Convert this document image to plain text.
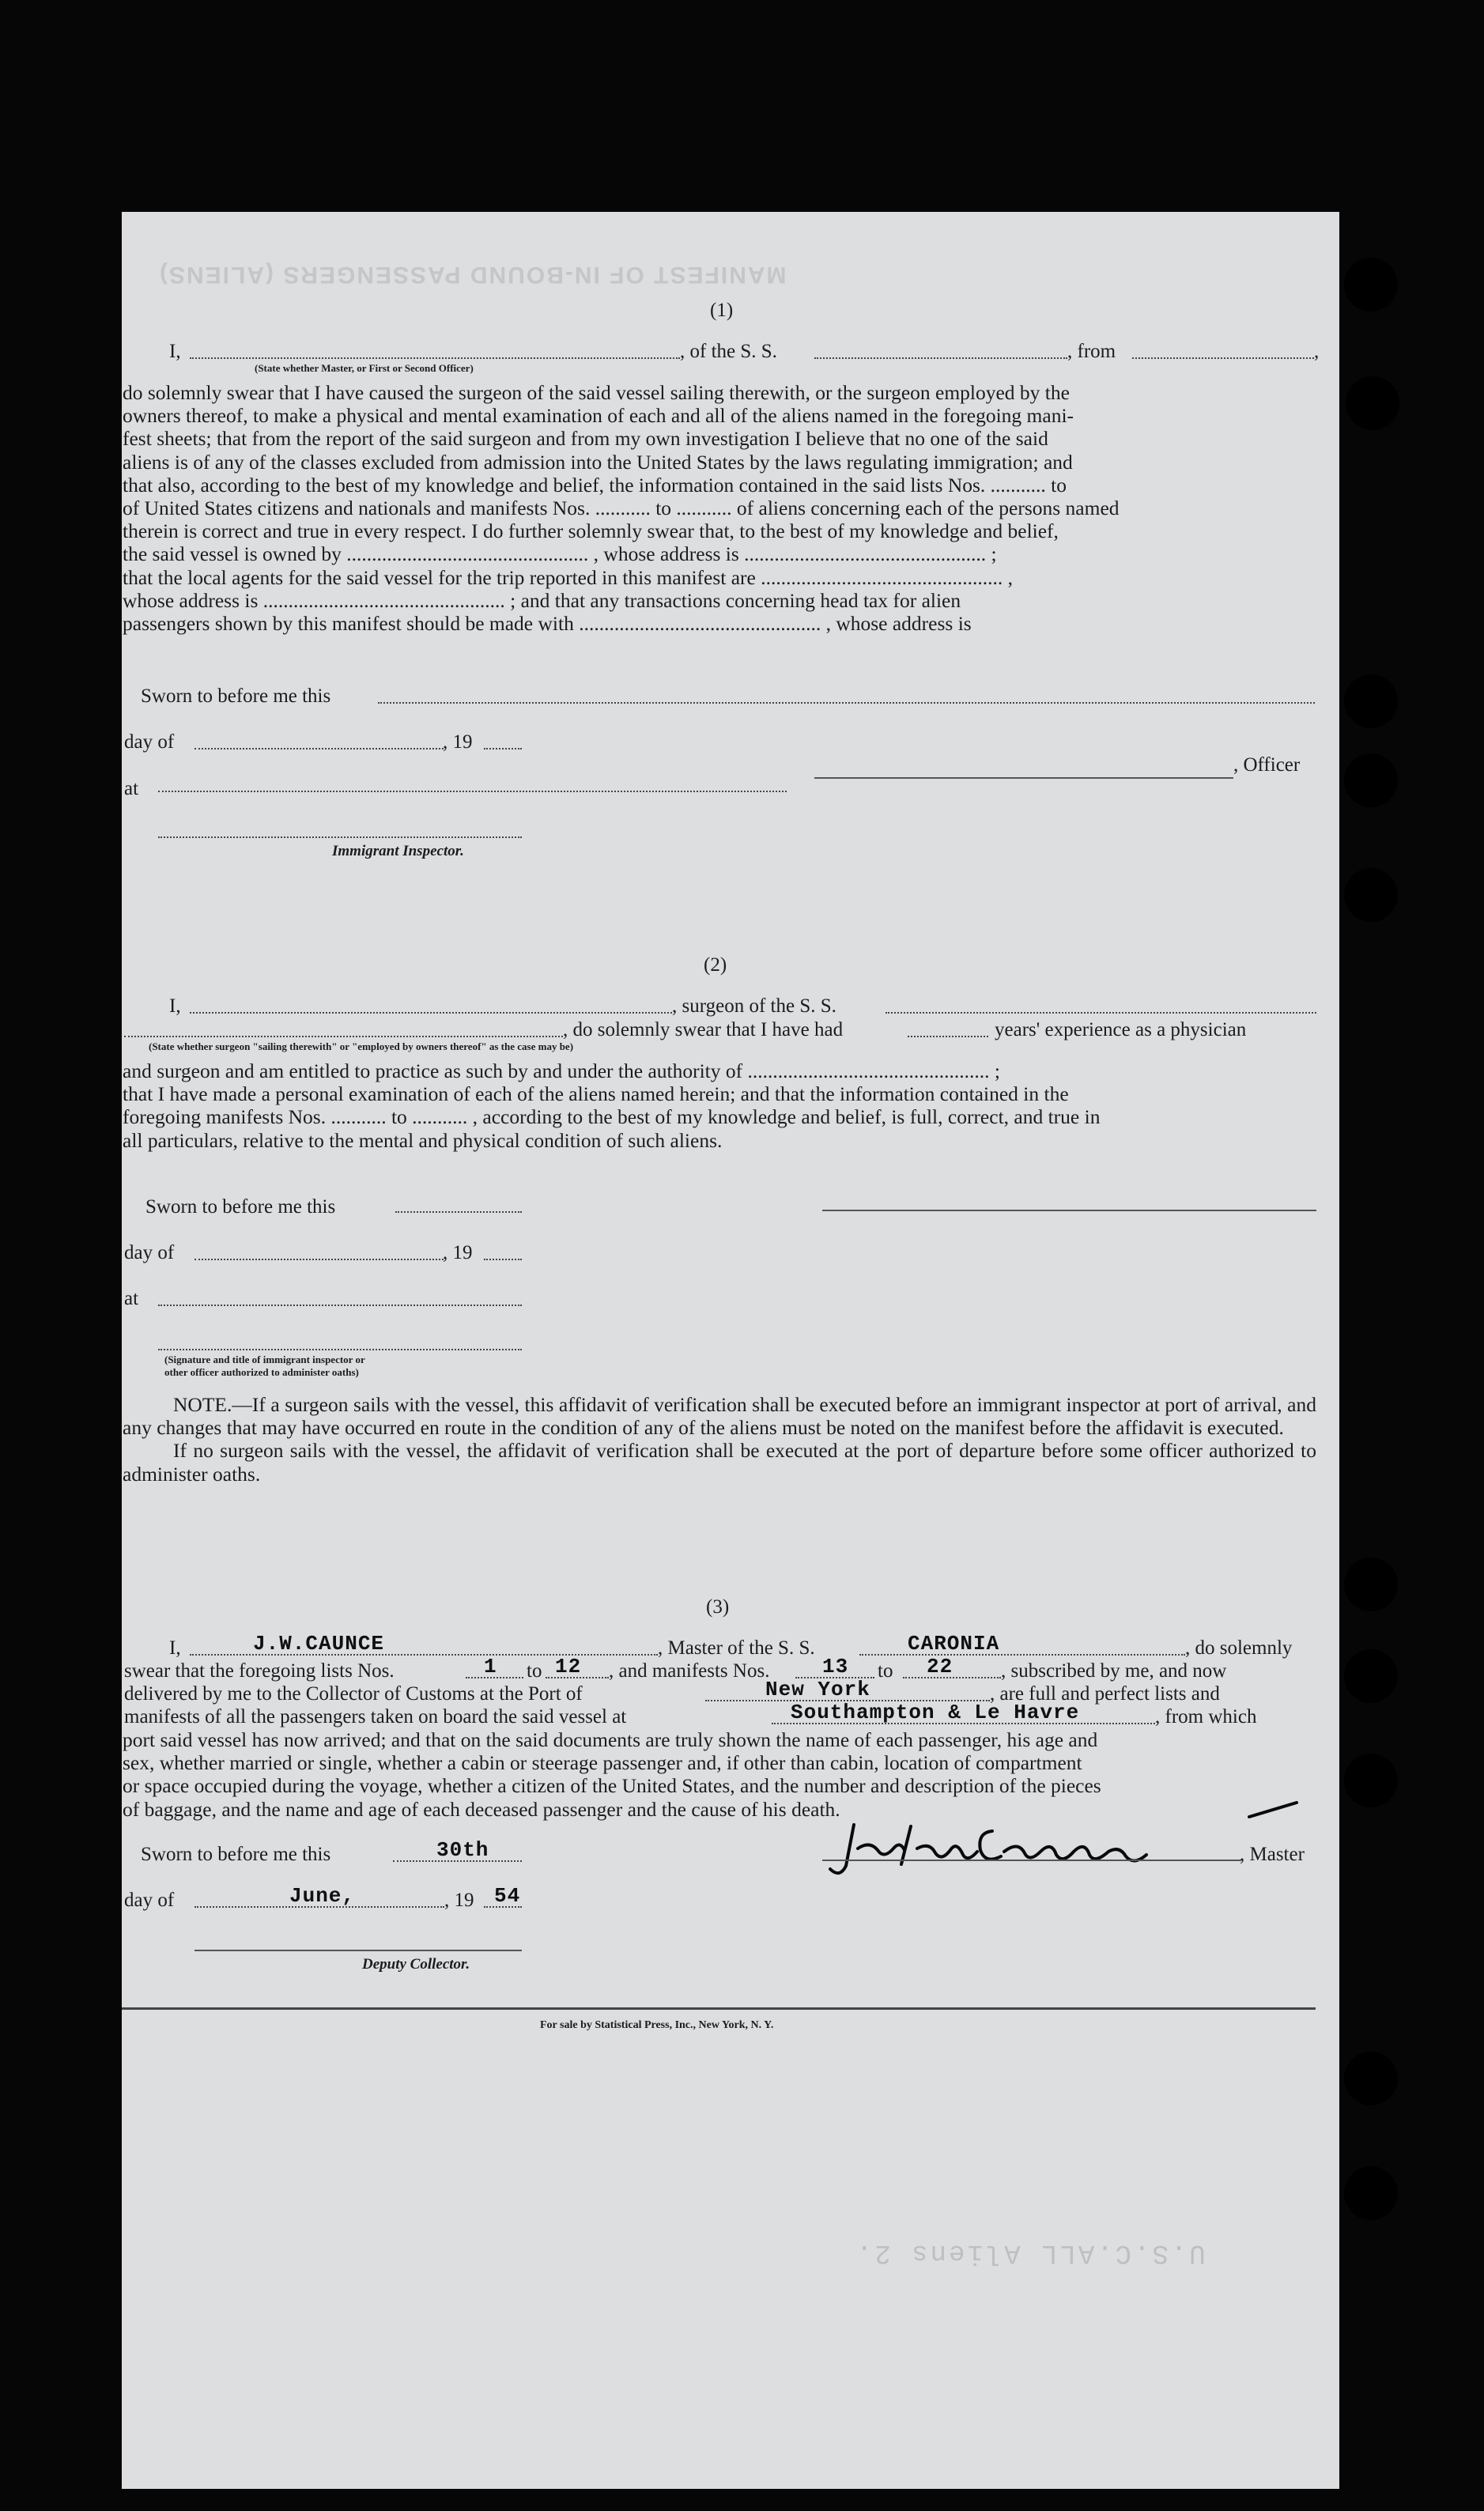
MANIFEST OF IN-BOUND PASSENGERS (ALIENS)
U.S.C.ALL Aliens 2.
(1)
I,	, of the S. S.	, from	,
(State whether Master, or First or Second Officer)

do solemnly swear that I have caused the surgeon of the said vessel sailing therewith, or the surgeon employed by the

owners thereof, to make a physical and mental examination of each and all of the aliens named in the foregoing mani-

fest sheets; that from the report of the said surgeon and from my own investigation I believe that no one of the said

aliens is of any of the classes excluded from admission into the United States by the laws regulating immigration; and

that also, according to the best of my knowledge and belief, the information contained in the said lists Nos. ........... to

of United States citizens and nationals and manifests Nos. ........... to ........... of aliens concerning each of the persons named

therein is correct and true in every respect. I do further solemnly swear that, to the best of my knowledge and belief,

the said vessel is owned by ................................................ , whose address is ................................................ ;

that the local agents for the said vessel for the trip reported in this manifest are ................................................ ,

whose address is ................................................ ; and that any transactions concerning head tax for alien

passengers shown by this manifest should be made with ................................................ , whose address is

Sworn to before me this
day of	, 19
at
, Officer
Immigrant Inspector.
(2)
I,	, surgeon of the S. S.
, do solemnly swear that I have had	years' experience as a physician
(State whether surgeon "sailing therewith" or "employed by owners thereof" as the case may be)

and surgeon and am entitled to practice as such by and under the authority of ................................................ ;

that I have made a personal examination of each of the aliens named herein; and that the information contained in the

foregoing manifests Nos. ........... to ........... , according to the best of my knowledge and belief, is full, correct, and true in

all particulars, relative to the mental and physical condition of such aliens.

Sworn to before me this
day of	, 19
at
(Signature and title of immigrant inspector or
other officer authorized to administer oaths)

NOTE.—If a surgeon sails with the vessel, this affidavit of verification shall be executed before an immigrant inspector at port of arrival, and any changes that may have occurred en route in the condition of any of the aliens must be noted on the manifest before the affidavit is executed.

If no surgeon sails with the vessel, the affidavit of verification shall be executed at the port of departure before some officer authorized to administer oaths.

(3)
I,	J.W.CAUNCE	, Master of the S. S.	CARONIA	, do solemnly
swear that the foregoing lists Nos.	1 to 12 , and manifests Nos.	13 to 22 , subscribed by me, and now
delivered by me to the Collector of Customs at the Port of	New York	, are full and perfect lists and
manifests of all the passengers taken on board the said vessel at	Southampton & Le Havre	, from which

port said vessel has now arrived; and that on the said documents are truly shown the name of each passenger, his age and

sex, whether married or single, whether a cabin or steerage passenger and, if other than cabin, location of compartment

or space occupied during the voyage, whether a citizen of the United States, and the number and description of the pieces

of baggage, and the name and age of each deceased passenger and the cause of his death.

Sworn to before me this	30th	, Master
day of	June,	, 19 54
Deputy Collector.
For sale by Statistical Press, Inc., New York, N. Y.
